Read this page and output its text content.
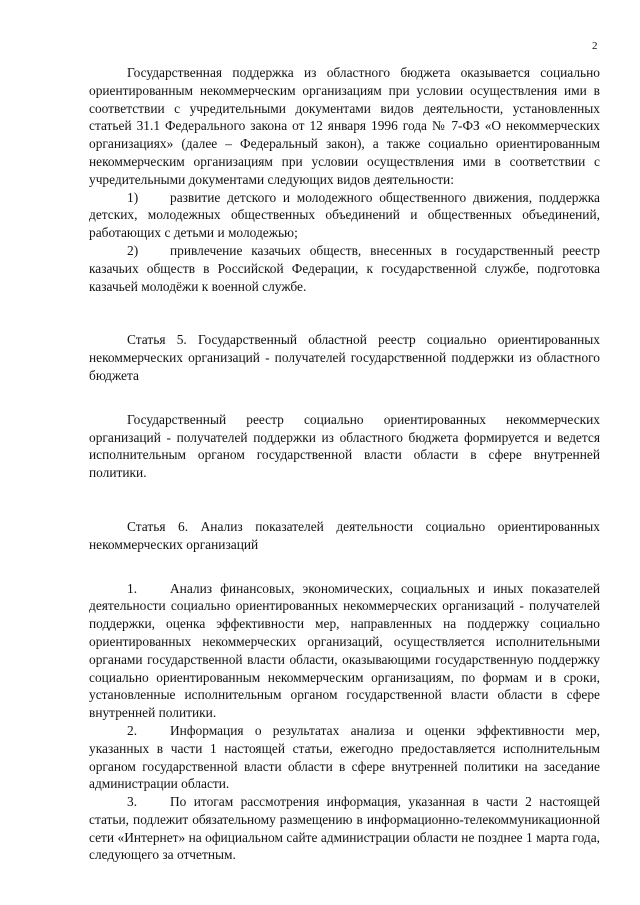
2

Государственная поддержка из областного бюджета оказывается социально ориентированным некоммерческим организациям при условии осуществления ими в соответствии с учредительными документами видов деятельности, установленных статьей 31.1 Федерального закона от 12 января 1996 года № 7-ФЗ «О некоммерческих организациях» (далее – Федеральный закон), а также социально ориентированным некоммерческим организациям при условии осуществления ими в соответствии с учредительными документами следующих видов деятельности:

1) развитие детского и молодежного общественного движения, поддержка детских, молодежных общественных объединений и общественных объединений, работающих с детьми и молодежью;

2) привлечение казачьих обществ, внесенных в государственный реестр казачьих обществ в Российской Федерации, к государственной службе, подготовка казачьей молодёжи к военной службе.

Статья 5. Государственный областной реестр социально ориентированных некоммерческих организаций - получателей государственной поддержки из областного бюджета

Государственный реестр социально ориентированных некоммерческих организаций - получателей поддержки из областного бюджета формируется и ведется исполнительным органом государственной власти области в сфере внутренней политики.

Статья 6. Анализ показателей деятельности социально ориентированных некоммерческих организаций

1. Анализ финансовых, экономических, социальных и иных показателей деятельности социально ориентированных некоммерческих организаций - получателей поддержки, оценка эффективности мер, направленных на поддержку социально ориентированных некоммерческих организаций, осуществляется исполнительными органами государственной власти области, оказывающими государственную поддержку социально ориентированным некоммерческим организациям, по формам и в сроки, установленные исполнительным органом государственной власти области в сфере внутренней политики.

2. Информация о результатах анализа и оценки эффективности мер, указанных в части 1 настоящей статьи, ежегодно предоставляется исполнительным органом государственной власти области в сфере внутренней политики на заседание администрации области.

3. По итогам рассмотрения информация, указанная в части 2 настоящей статьи, подлежит обязательному размещению в информационно-телекоммуникационной сети «Интернет» на официальном сайте администрации области не позднее 1 марта года, следующего за отчетным.
